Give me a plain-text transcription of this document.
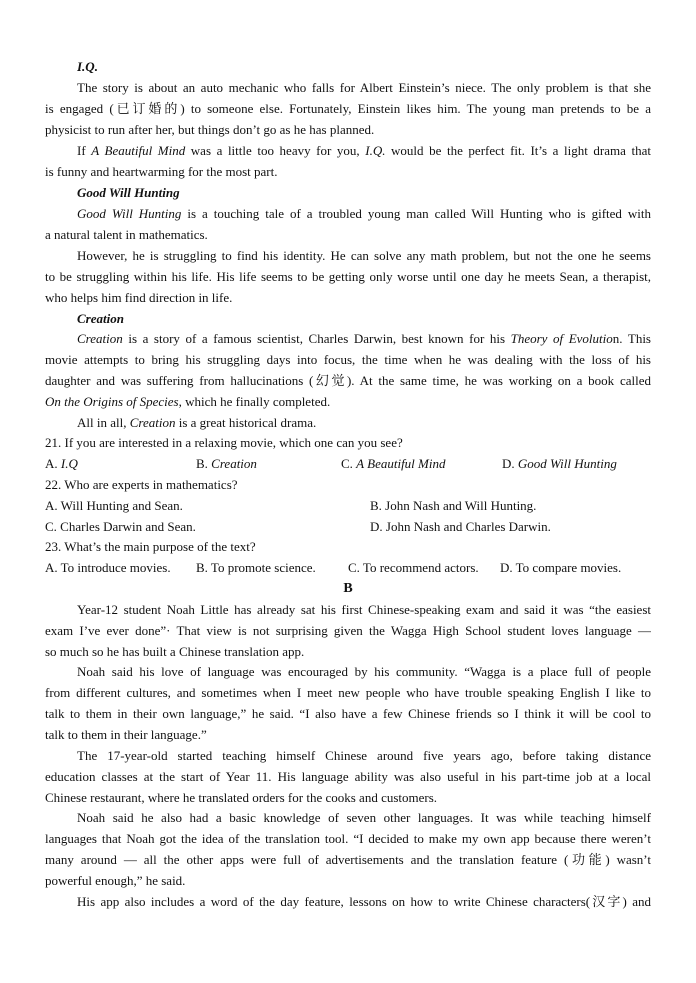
I.Q.
The story is about an auto mechanic who falls for Albert Einstein’s niece. The only problem is that she
is engaged (已订婚的) to someone else. Fortunately, Einstein likes him. The young man pretends to be a
physicist to run after her, but things don’t go as he has planned.
If A Beautiful Mind was a little too heavy for you, I.Q. would be the perfect fit. It’s a light drama that
is funny and heartwarming for the most part.
Good Will Hunting
Good Will Hunting is a touching tale of a troubled young man called Will Hunting who is gifted with
a natural talent in mathematics.
However, he is struggling to find his identity. He can solve any math problem, but not the one he seems
to be struggling within his life. His life seems to be getting only worse until one day he meets Sean, a therapist,
who helps him find direction in life.
Creation
Creation is a story of a famous scientist, Charles Darwin, best known for his Theory of Evolution. This
movie attempts to bring his struggling days into focus, the time when he was dealing with the loss of his
daughter and was suffering from hallucinations (幻觉). At the same time, he was working on a book called
On the Origins of Species, which he finally completed.
All in all, Creation is a great historical drama.
21. If you are interested in a relaxing movie, which one can you see?
A. I.Q	B. Creation	C. A Beautiful Mind	D. Good Will Hunting
22. Who are experts in mathematics?
A. Will Hunting and Sean.	B. John Nash and Will Hunting.
C. Charles Darwin and Sean.	D. John Nash and Charles Darwin.
23. What’s the main purpose of the text?
A. To introduce movies. B. To promote science. C. To recommend actors. D. To compare movies.
B
Year-12 student Noah Little has already sat his first Chinese-speaking exam and said it was “the easiest
exam I’ve ever done”· That view is not surprising given the Wagga High School student loves language —
so much so he has built a Chinese translation app.
Noah said his love of language was encouraged by his community. “Wagga is a place full of people
from different cultures, and sometimes when I meet new people who have trouble speaking English I like to
talk to them in their own language,” he said. “I also have a few Chinese friends so I think it will be cool to
talk to them in their language.”
The 17-year-old started teaching himself Chinese around five years ago, before taking distance
education classes at the start of Year 11. His language ability was also useful in his part-time job at a local
Chinese restaurant, where he translated orders for the cooks and customers.
Noah said he also had a basic knowledge of seven other languages. It was while teaching himself
languages that Noah got the idea of the translation tool. “I decided to make my own app because there weren’t
many around — all the other apps were full of advertisements and the translation feature (功能) wasn’t
powerful enough,” he said.
His app also includes a word of the day feature, lessons on how to write Chinese characters(汉字) and
